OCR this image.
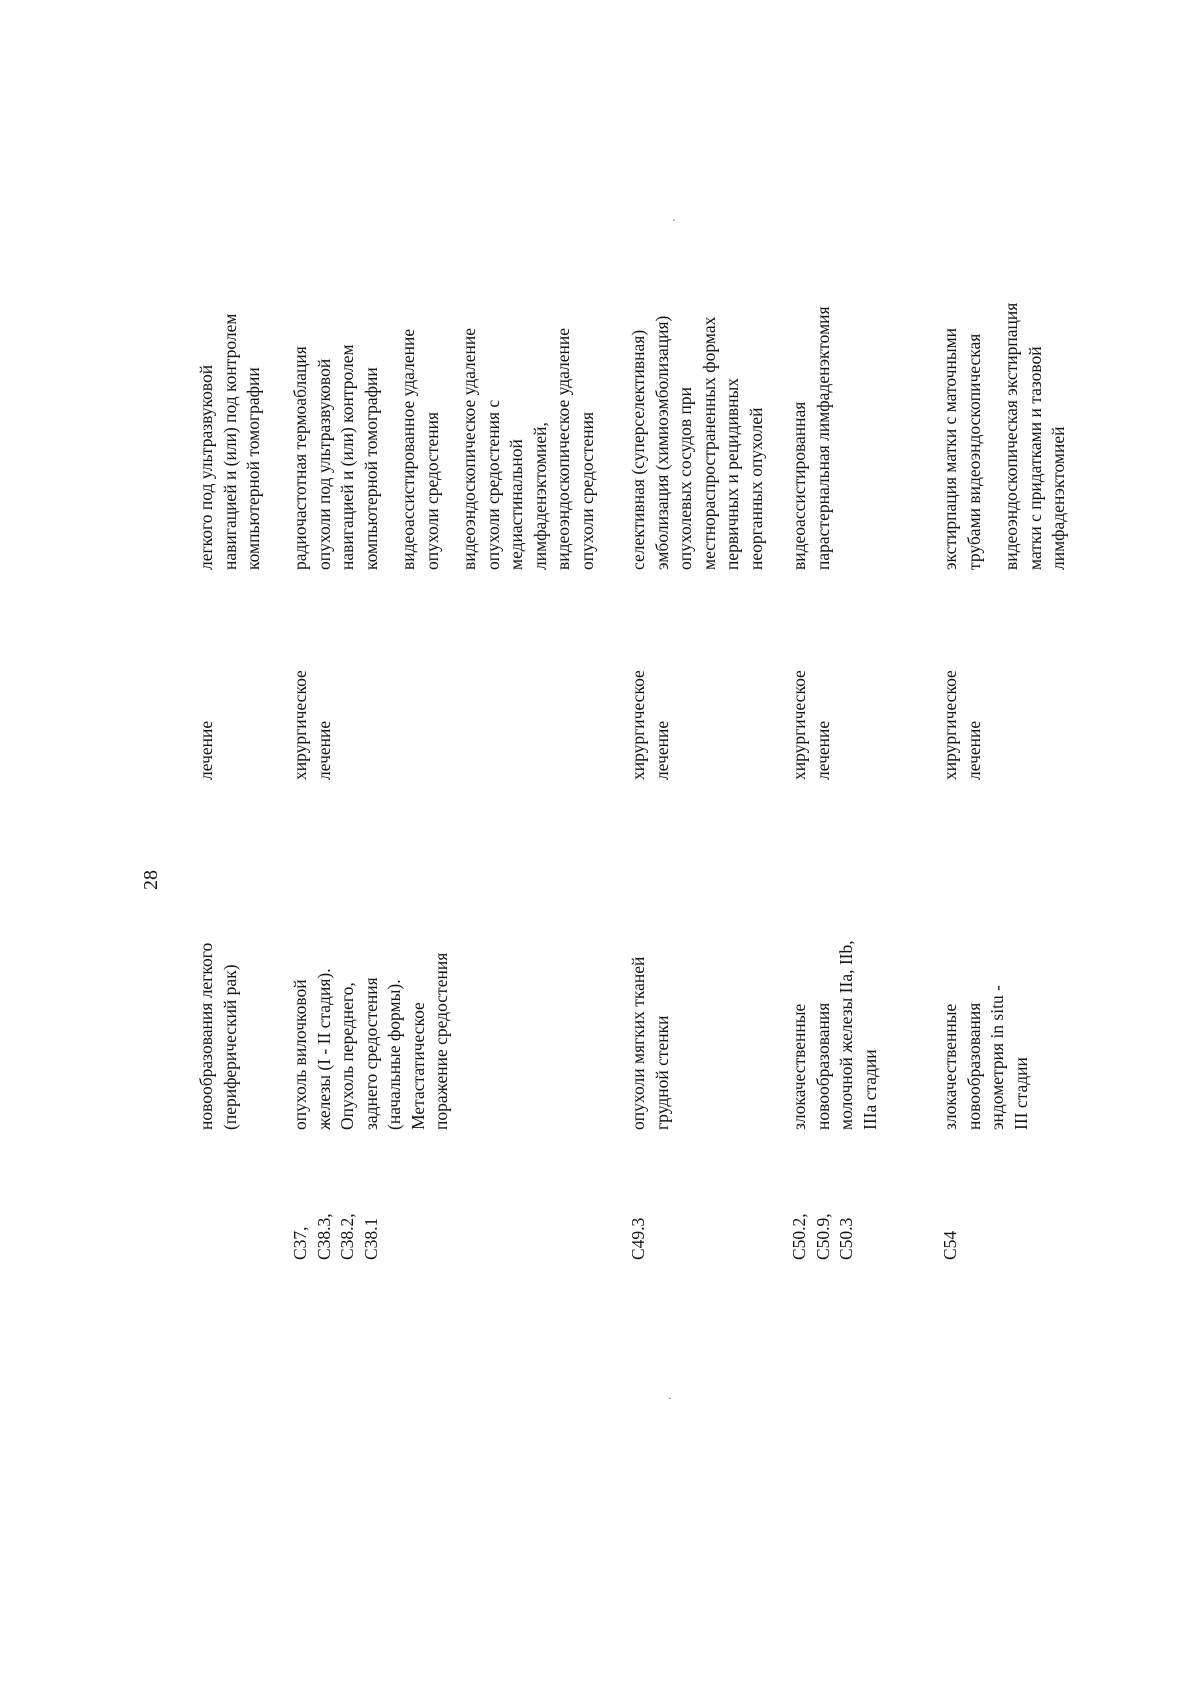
28
новообразования легкого (периферический рак)
лечение
легкого под ультразвуковой навигацией и (или) под контролем компьютерной томографии
C37, C38.3, C38.2, C38.1
опухоль вилочковой железы (I - II стадия). Опухоль переднего, заднего средостения (начальные формы). Метастатическое поражение средостения
хирургическое лечение
радиочастотная термоаблация опухоли под ультразвуковой навигацией и (или) контролем компьютерной томографии видеоассистированное удаление опухоли средостения видеоэндоскопическое удаление опухоли средостения с медиастинальной лимфаденэктомией, видеоэндоскопическое удаление опухоли средостения
C49.3
опухоли мягких тканей грудной стенки
хирургическое лечение
селективная (суперселективная) эмболизация (химиоэмболизация) опухолевых сосудов при местнораспространенных формах первичных и рецидивных неорганных опухолей
C50.2, C50.9, C50.3
злокачественные новообразования молочной железы IIa, IIb, IIIa стадии
хирургическое лечение
видеоассистированная парастернальная лимфаденэктомия
C54
злокачественные новообразования эндометрия in situ - III стадии
хирургическое лечение
экстирпация матки с маточными трубами видеоэндоскопическая видеоэндоскопическая экстирпация матки с придатками и тазовой лимфаденэктомией
·
·
